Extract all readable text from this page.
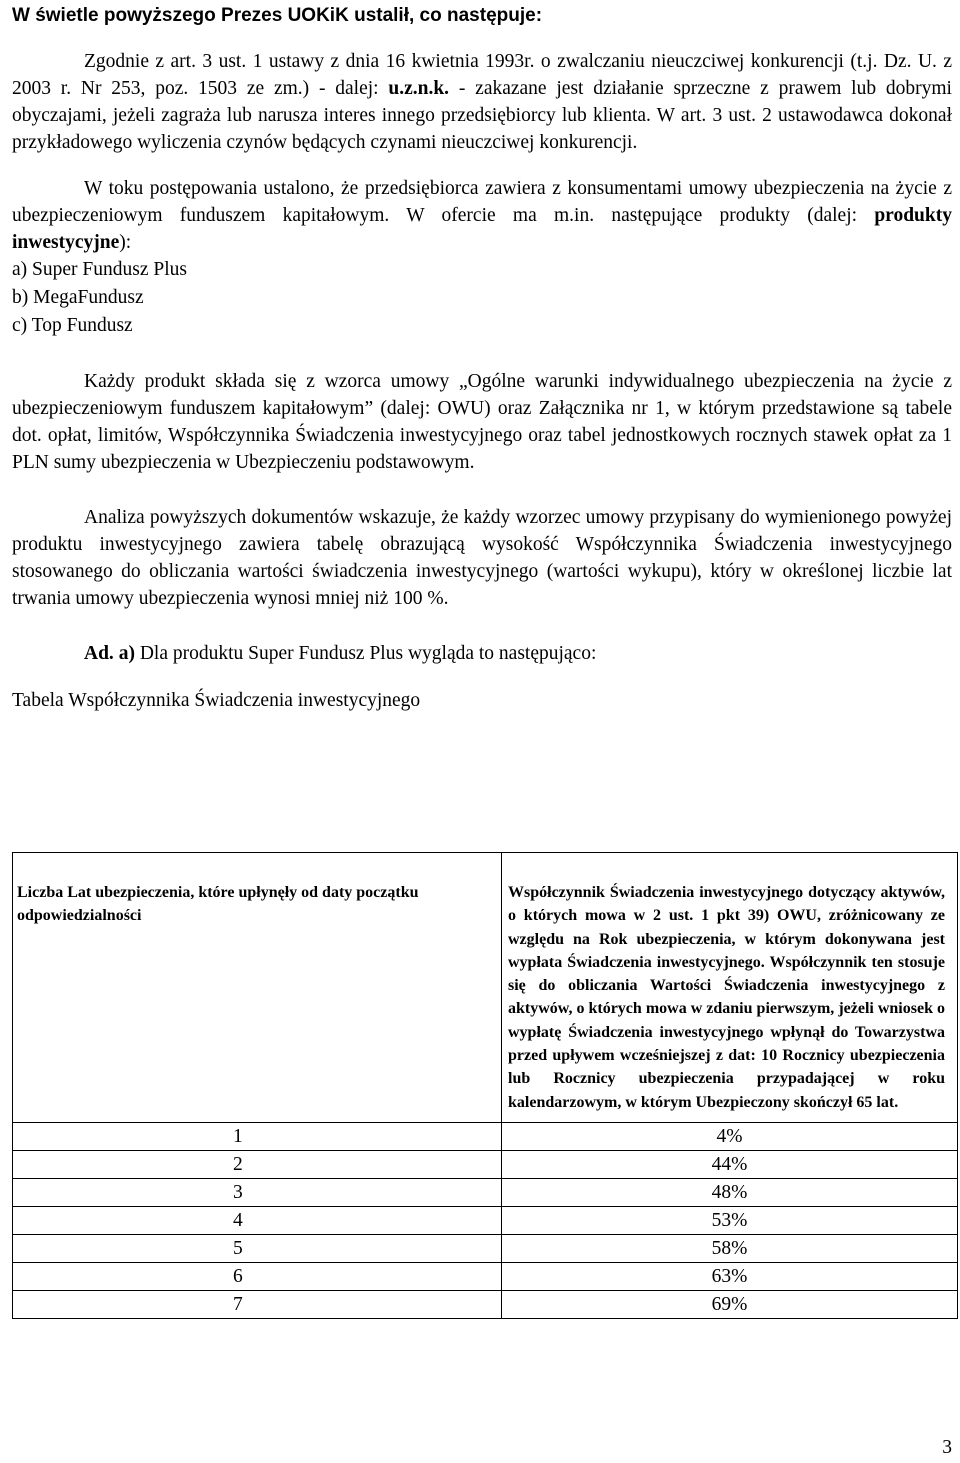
W świetle powyższego Prezes UOKiK ustalił, co następuje:

Zgodnie z art. 3 ust. 1 ustawy z dnia 16 kwietnia 1993r. o zwalczaniu nieuczciwej konkurencji (t.j. Dz. U. z 2003 r. Nr 253, poz. 1503 ze zm.) - dalej: u.z.n.k. - zakazane jest działanie sprzeczne z prawem lub dobrymi obyczajami, jeżeli zagraża lub narusza interes innego przedsiębiorcy lub klienta. W art. 3 ust. 2 ustawodawca dokonał przykładowego wyliczenia czynów będących czynami nieuczciwej konkurencji.

W toku postępowania ustalono, że przedsiębiorca zawiera z konsumentami umowy ubezpieczenia na życie z ubezpieczeniowym funduszem kapitałowym. W ofercie ma m.in. następujące produkty (dalej: produkty inwestycyjne):

a) Super Fundusz Plus
b) MegaFundusz
c) Top Fundusz

Każdy produkt składa się z wzorca umowy „Ogólne warunki indywidualnego ubezpieczenia na życie z ubezpieczeniowym funduszem kapitałowym” (dalej: OWU) oraz Załącznika nr 1, w którym przedstawione są tabele dot. opłat, limitów, Współczynnika Świadczenia inwestycyjnego oraz tabel jednostkowych rocznych stawek opłat za 1 PLN sumy ubezpieczenia w Ubezpieczeniu podstawowym.

Analiza powyższych dokumentów wskazuje, że każdy wzorzec umowy przypisany do wymienionego powyżej produktu inwestycyjnego zawiera tabelę obrazującą wysokość Współczynnika Świadczenia inwestycyjnego stosowanego do obliczania wartości świadczenia inwestycyjnego (wartości wykupu), który w określonej liczbie lat trwania umowy ubezpieczenia wynosi mniej niż 100 %.

Ad. a) Dla produktu Super Fundusz Plus wygląda to następująco:

Tabela Współczynnika Świadczenia inwestycyjnego
Liczba Lat ubezpieczenia, które upłynęły od daty początku odpowiedzialności	Współczynnik Świadczenia inwestycyjnego dotyczący aktywów, o których mowa w 2 ust. 1 pkt 39) OWU, zróżnicowany ze względu na Rok ubezpieczenia, w którym dokonywana jest wypłata Świadczenia inwestycyjnego. Współczynnik ten stosuje się do obliczania Wartości Świadczenia inwestycyjnego z aktywów, o których mowa w zdaniu pierwszym, jeżeli wniosek o wypłatę Świadczenia inwestycyjnego wpłynął do Towarzystwa przed upływem wcześniejszej z dat: 10 Rocznicy ubezpieczenia lub Rocznicy ubezpieczenia przypadającej w roku kalendarzowym, w którym Ubezpieczony skończył 65 lat.
1	4%
2	44%
3	48%
4	53%
5	58%
6	63%
7	69%
3
